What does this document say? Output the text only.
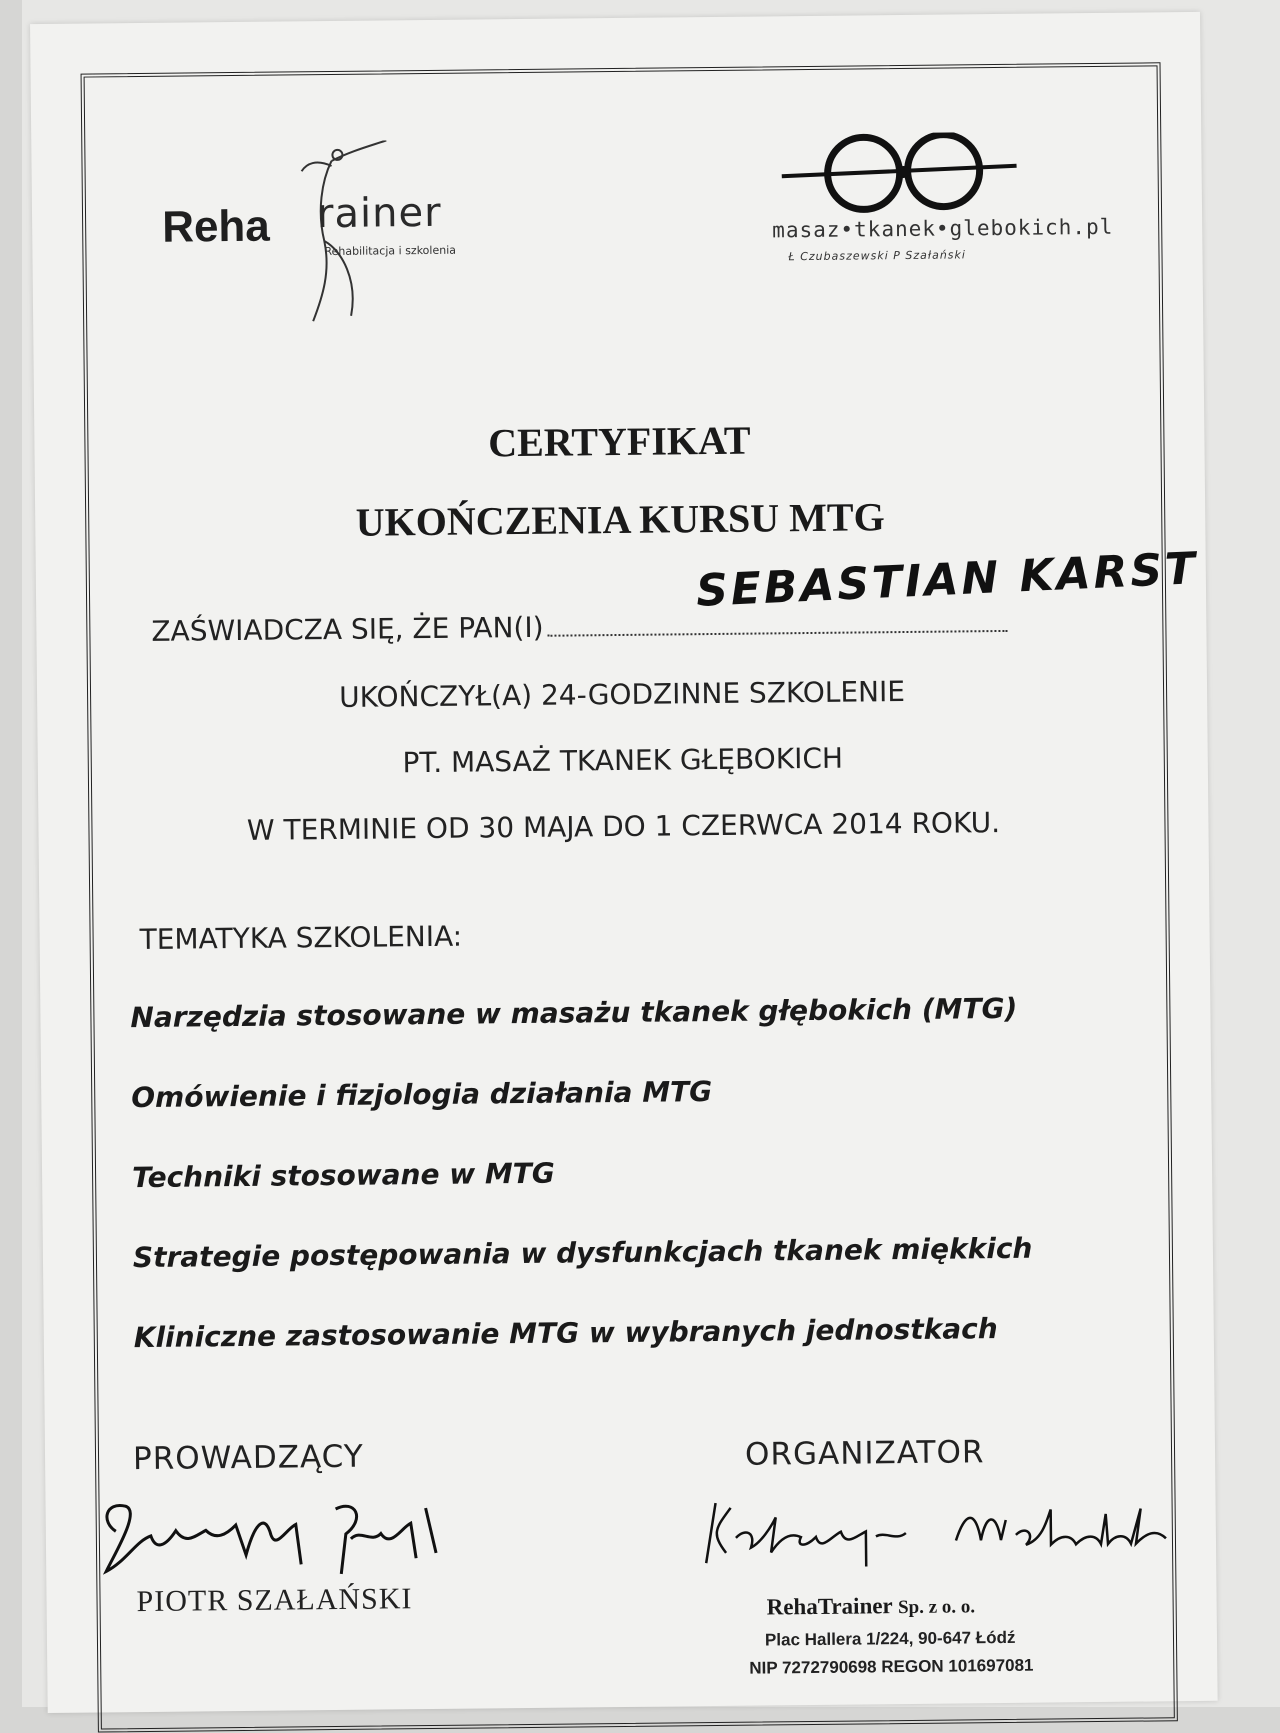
Reha rainer
Rehabilitacja i szkolenia
masaz•tkanek•glebokich.pl
Ł Czubaszewski P Szałański
CERTYFIKAT
UKOŃCZENIA KURSU MTG
SEBASTIAN KARST
ZAŚWIADCZA SIĘ, ŻE PAN(I)
UKOŃCZYŁ(A) 24-GODZINNE SZKOLENIE
PT. MASAŻ TKANEK GŁĘBOKICH
W TERMINIE OD 30 MAJA DO 1 CZERWCA 2014 ROKU.
TEMATYKA SZKOLENIA:
Narzędzia stosowane w masażu tkanek głębokich (MTG)
Omówienie i fizjologia działania MTG
Techniki stosowane w MTG
Strategie postępowania w dysfunkcjach tkanek miękkich
Kliniczne zastosowanie MTG w wybranych jednostkach
PROWADZĄCY
PIOTR SZAŁAŃSKI
ORGANIZATOR
RehaTrainer Sp. z o. o.
Plac Hallera 1/224, 90-647 Łódź
NIP 7272790698 REGON 101697081
